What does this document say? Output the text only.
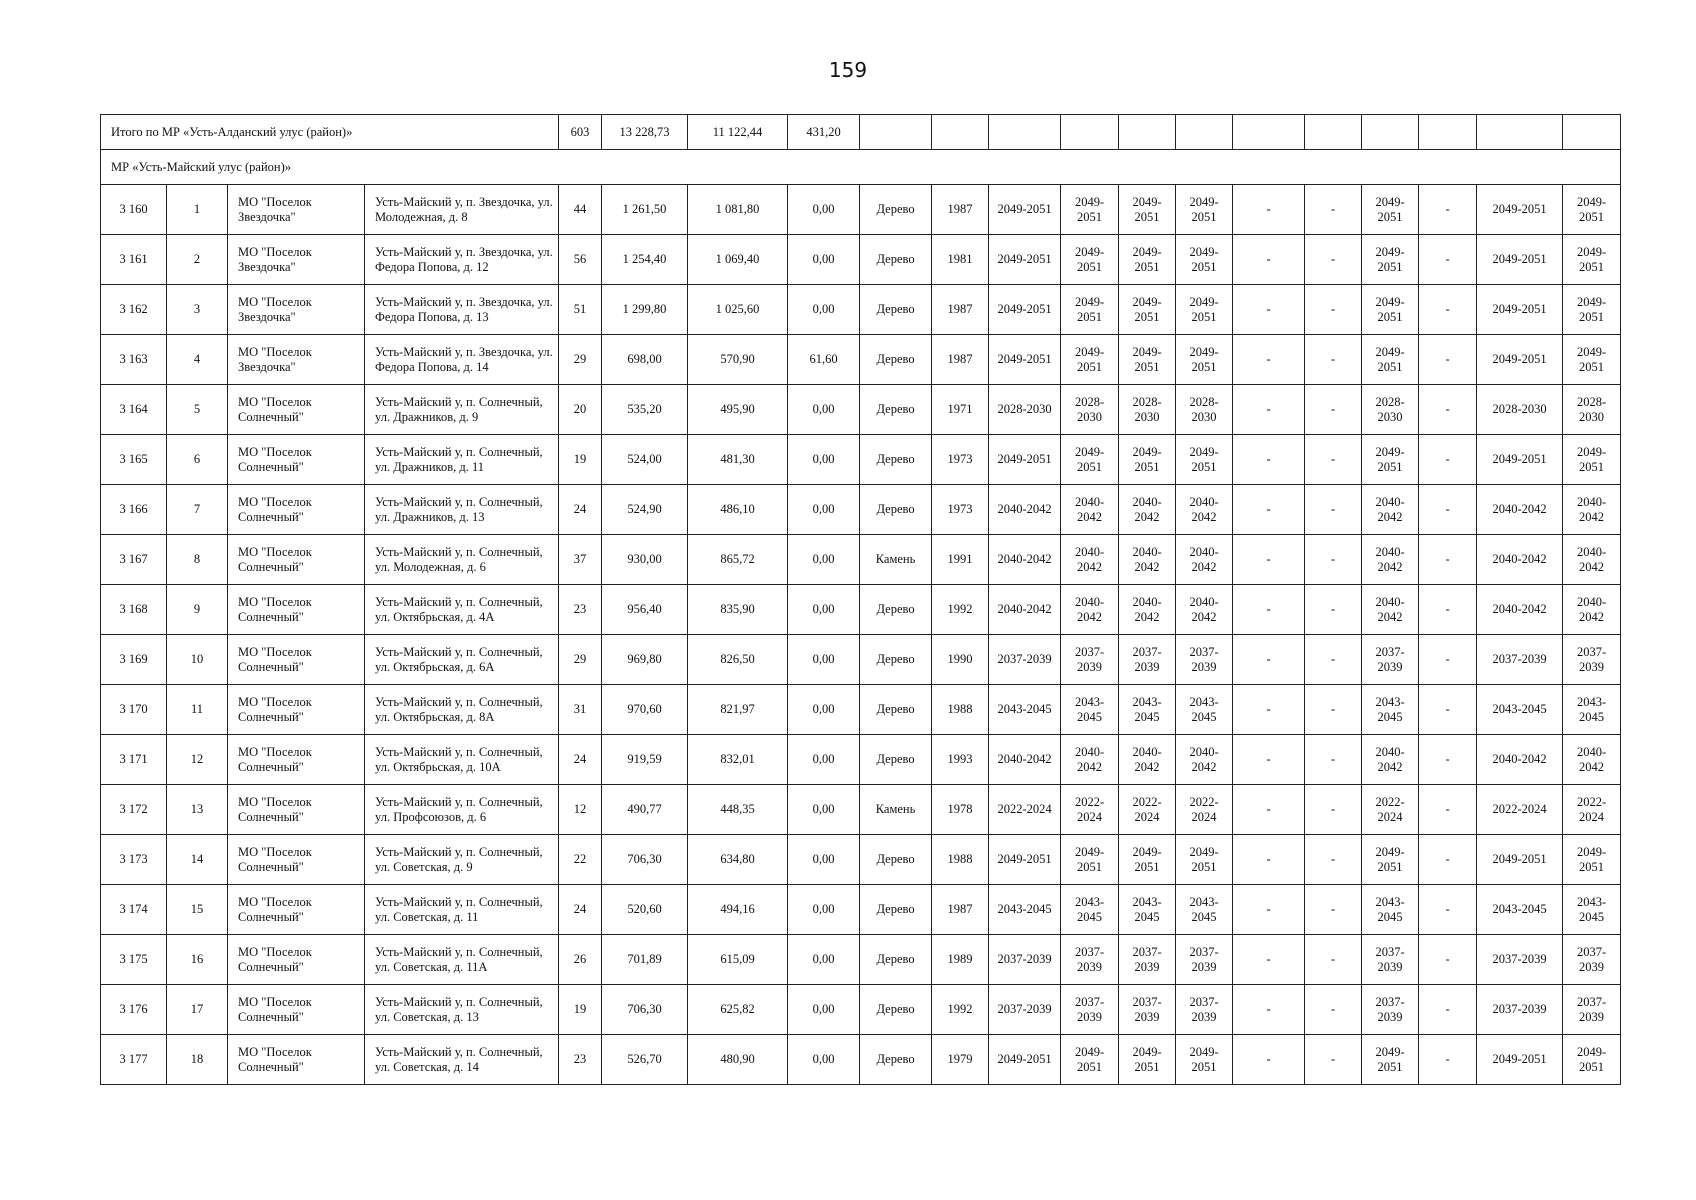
159
Итого по МР «Усть-Алданский улус (район)»				603	13 228,73	11 122,44	431,20												
МР «Усть-Майский улус (район)»																			
3 160	1	МО "Поселок Звездочка"	Усть-Майский у, п. Звездочка, ул. Молодежная, д. 8	44	1 261,50	1 081,80	0,00	Дерево	1987	2049-2051	2049-2051	2049-2051	2049-2051	-	-	2049-2051	-	2049-2051	2049-2051
3 161	2	МО "Поселок Звездочка"	Усть-Майский у, п. Звездочка, ул. Федора Попова, д. 12	56	1 254,40	1 069,40	0,00	Дерево	1981	2049-2051	2049-2051	2049-2051	2049-2051	-	-	2049-2051	-	2049-2051	2049-2051
3 162	3	МО "Поселок Звездочка"	Усть-Майский у, п. Звездочка, ул. Федора Попова, д. 13	51	1 299,80	1 025,60	0,00	Дерево	1987	2049-2051	2049-2051	2049-2051	2049-2051	-	-	2049-2051	-	2049-2051	2049-2051
3 163	4	МО "Поселок Звездочка"	Усть-Майский у, п. Звездочка, ул. Федора Попова, д. 14	29	698,00	570,90	61,60	Дерево	1987	2049-2051	2049-2051	2049-2051	2049-2051	-	-	2049-2051	-	2049-2051	2049-2051
3 164	5	МО "Поселок Солнечный"	Усть-Майский у, п. Солнечный, ул. Дражников, д. 9	20	535,20	495,90	0,00	Дерево	1971	2028-2030	2028-2030	2028-2030	2028-2030	-	-	2028-2030	-	2028-2030	2028-2030
3 165	6	МО "Поселок Солнечный"	Усть-Майский у, п. Солнечный, ул. Дражников, д. 11	19	524,00	481,30	0,00	Дерево	1973	2049-2051	2049-2051	2049-2051	2049-2051	-	-	2049-2051	-	2049-2051	2049-2051
3 166	7	МО "Поселок Солнечный"	Усть-Майский у, п. Солнечный, ул. Дражников, д. 13	24	524,90	486,10	0,00	Дерево	1973	2040-2042	2040-2042	2040-2042	2040-2042	-	-	2040-2042	-	2040-2042	2040-2042
3 167	8	МО "Поселок Солнечный"	Усть-Майский у, п. Солнечный, ул. Молодежная, д. 6	37	930,00	865,72	0,00	Камень	1991	2040-2042	2040-2042	2040-2042	2040-2042	-	-	2040-2042	-	2040-2042	2040-2042
3 168	9	МО "Поселок Солнечный"	Усть-Майский у, п. Солнечный, ул. Октябрьская, д. 4А	23	956,40	835,90	0,00	Дерево	1992	2040-2042	2040-2042	2040-2042	2040-2042	-	-	2040-2042	-	2040-2042	2040-2042
3 169	10	МО "Поселок Солнечный"	Усть-Майский у, п. Солнечный, ул. Октябрьская, д. 6А	29	969,80	826,50	0,00	Дерево	1990	2037-2039	2037-2039	2037-2039	2037-2039	-	-	2037-2039	-	2037-2039	2037-2039
3 170	11	МО "Поселок Солнечный"	Усть-Майский у, п. Солнечный, ул. Октябрьская, д. 8А	31	970,60	821,97	0,00	Дерево	1988	2043-2045	2043-2045	2043-2045	2043-2045	-	-	2043-2045	-	2043-2045	2043-2045
3 171	12	МО "Поселок Солнечный"	Усть-Майский у, п. Солнечный, ул. Октябрьская, д. 10А	24	919,59	832,01	0,00	Дерево	1993	2040-2042	2040-2042	2040-2042	2040-2042	-	-	2040-2042	-	2040-2042	2040-2042
3 172	13	МО "Поселок Солнечный"	Усть-Майский у, п. Солнечный, ул. Профсоюзов, д. 6	12	490,77	448,35	0,00	Камень	1978	2022-2024	2022-2024	2022-2024	2022-2024	-	-	2022-2024	-	2022-2024	2022-2024
3 173	14	МО "Поселок Солнечный"	Усть-Майский у, п. Солнечный, ул. Советская, д. 9	22	706,30	634,80	0,00	Дерево	1988	2049-2051	2049-2051	2049-2051	2049-2051	-	-	2049-2051	-	2049-2051	2049-2051
3 174	15	МО "Поселок Солнечный"	Усть-Майский у, п. Солнечный, ул. Советская, д. 11	24	520,60	494,16	0,00	Дерево	1987	2043-2045	2043-2045	2043-2045	2043-2045	-	-	2043-2045	-	2043-2045	2043-2045
3 175	16	МО "Поселок Солнечный"	Усть-Майский у, п. Солнечный, ул. Советская, д. 11А	26	701,89	615,09	0,00	Дерево	1989	2037-2039	2037-2039	2037-2039	2037-2039	-	-	2037-2039	-	2037-2039	2037-2039
3 176	17	МО "Поселок Солнечный"	Усть-Майский у, п. Солнечный, ул. Советская, д. 13	19	706,30	625,82	0,00	Дерево	1992	2037-2039	2037-2039	2037-2039	2037-2039	-	-	2037-2039	-	2037-2039	2037-2039
3 177	18	МО "Поселок Солнечный"	Усть-Майский у, п. Солнечный, ул. Советская, д. 14	23	526,70	480,90	0,00	Дерево	1979	2049-2051	2049-2051	2049-2051	2049-2051	-	-	2049-2051	-	2049-2051	2049-2051
